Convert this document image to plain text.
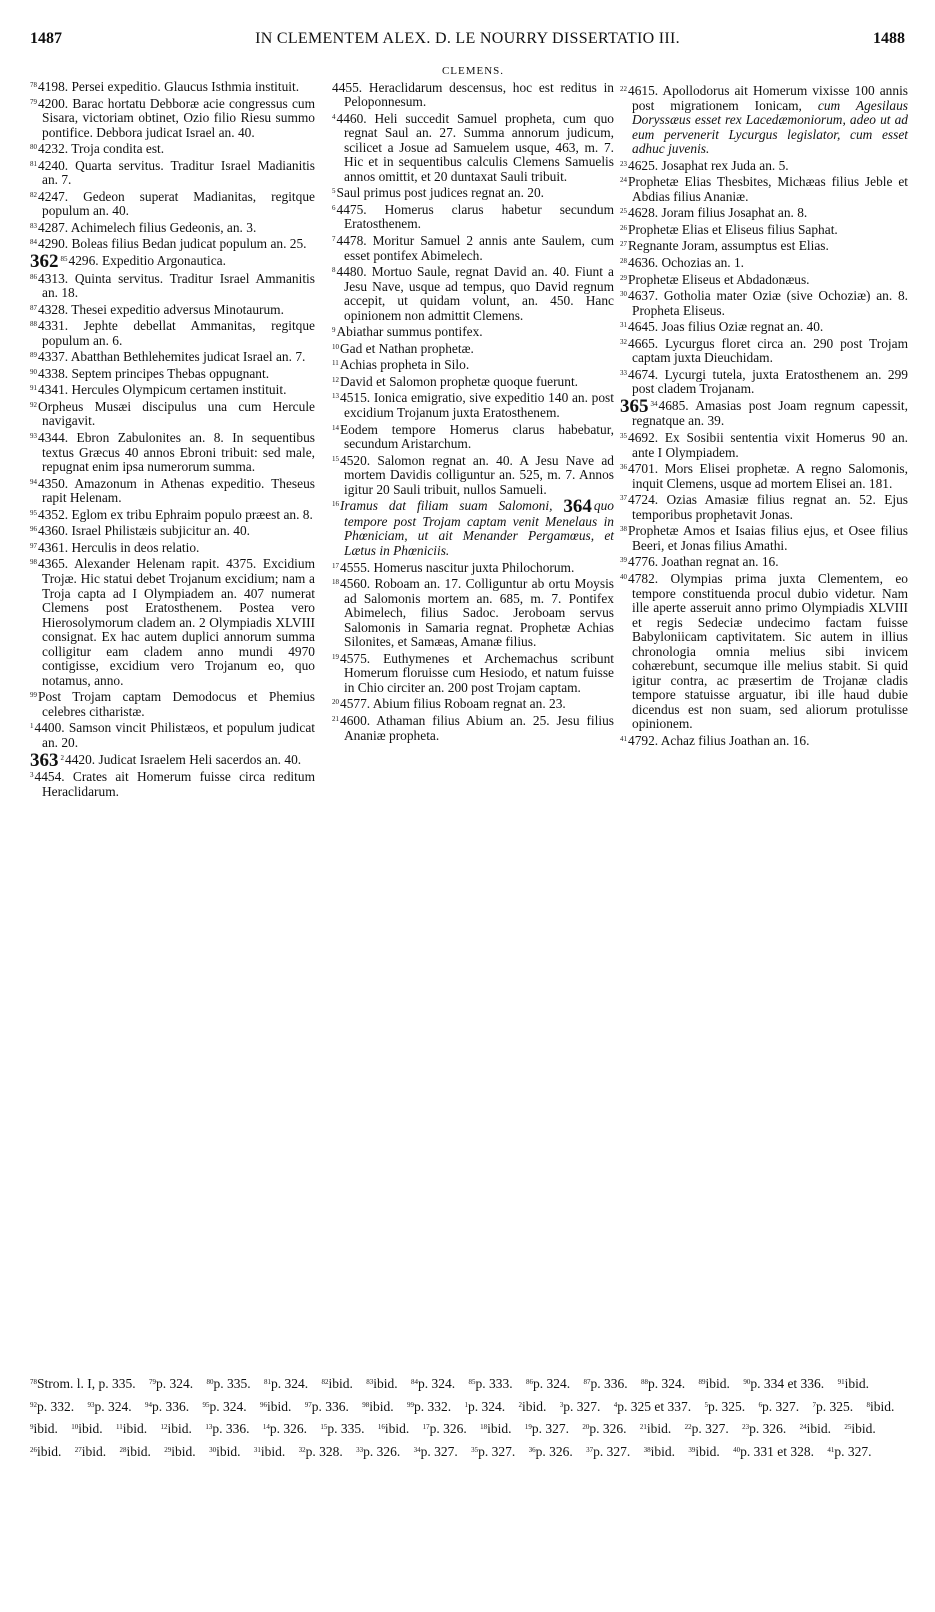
1487	IN CLEMENTEM ALEX. D. LE NOURRY DISSERTATIO III.	1488

$^{78}$4198. Persei expeditio. Glaucus Isthmia instituit.

$^{79}$4200. Barac hortatu Debboræ acie congressus cum Sisara, victoriam obtinet, Ozio filio Riesu summo pontifice. Debbora judicat Israel an. 40.

$^{80}$4232. Troja condita est.

$^{81}$4240. Quarta servitus. Traditur Israel Madianitis an. 7.

$^{82}$4247. Gedeon superat Madianitas, regitque populum an. 40.

$^{83}$4287. Achimelech filius Gedeonis, an. 3.

$^{84}$4290. Boleas filius Bedan judicat populum an. 25.

362 $^{85}$4296. Expeditio Argonautica.

$^{86}$4313. Quinta servitus. Traditur Israel Ammanitis an. 18.

$^{87}$4328. Thesei expeditio adversus Minotaurum.

$^{88}$4331. Jephte debellat Ammanitas, regitque populum an. 6.

$^{89}$4337. Abatthan Bethlehemites judicat Israel an. 7.

$^{90}$4338. Septem principes Thebas oppugnant.

$^{91}$4341. Hercules Olympicum certamen instituit.

$^{92}$Orpheus Musæi discipulus una cum Hercule navigavit.

$^{93}$4344. Ebron Zabulonites an. 8. In sequentibus textus Græcus 40 annos Ebroni tribuit: sed male, repugnat enim ipsa numerorum summa.

$^{94}$4350. Amazonum in Athenas expeditio. Theseus rapit Helenam.

$^{95}$4352. Eglom ex tribu Ephraim populo præest an. 8.

$^{96}$4360. Israel Philistæis subjicitur an. 40.

$^{97}$4361. Herculis in deos relatio.

$^{98}$4365. Alexander Helenam rapit. 4375. Excidium Trojæ. Hic statui debet Trojanum excidium; nam a Troja capta ad I Olympiadem an. 407 numerat Clemens post Eratosthenem. Postea vero Hierosolymorum cladem an. 2 Olympiadis XLVIII consignat. Ex hac autem duplici annorum summa colligitur eam cladem anno mundi 4970 contigisse, excidium vero Trojanum eo, quo notamus, anno.

$^{99}$Post Trojam captam Demodocus et Phemius celebres citharistæ.

$^1$4400. Samson vincit Philistæos, et populum judicat an. 20.

363 $^2$4420. Judicat Israelem Heli sacerdos an. 40.

$^3$4454. Crates ait Homerum fuisse circa reditum Heraclidarum.

CLEMENS.

4455. Heraclidarum descensus, hoc est reditus in Peloponnesum.

$^4$4460. Heli succedit Samuel propheta, cum quo regnat Saul an. 27. Summa annorum judicum, scilicet a Josue ad Samuelem usque, 463, m. 7. Hic et in sequentibus calculis Clemens Samuelis annos omittit, et 20 duntaxat Sauli tribuit.

$^5$Saul primus post judices regnat an. 20.

$^6$4475. Homerus clarus habetur secundum Eratosthenem.

$^7$4478. Moritur Samuel 2 annis ante Saulem, cum esset pontifex Abimelech.

$^8$4480. Mortuo Saule, regnat David an. 40. Fiunt a Jesu Nave, usque ad tempus, quo David regnum accepit, ut quidam volunt, an. 450. Hanc opinionem non admittit Clemens.

$^9$Abiathar summus pontifex.

$^{10}$Gad et Nathan prophetæ.

$^{11}$Achias propheta in Silo.

$^{12}$David et Salomon prophetæ quoque fuerunt.

$^{13}$4515. Ionica emigratio, sive expeditio 140 an. post excidium Trojanum juxta Eratosthenem.

$^{14}$Eodem tempore Homerus clarus habebatur, secundum Aristarchum.

$^{15}$4520. Salomon regnat an. 40. A Jesu Nave ad mortem Davidis colliguntur an. 525, m. 7. Annos igitur 20 Sauli tribuit, nullos Samueli.

$^{16}$Iramus dat filiam suam Salomoni, 364 quo tempore post Trojam captam venit Menelaus in Phœniciam, ut ait Menander Pergamœus, et Lætus in Phœniciis.

$^{17}$4555. Homerus nascitur juxta Philochorum.

$^{18}$4560. Roboam an. 17. Colliguntur ab ortu Moysis ad Salomonis mortem an. 685, m. 7. Pontifex Abimelech, filius Sadoc. Jeroboam servus Salomonis in Samaria regnat. Prophetæ Achias Silonites, et Samæas, Amanæ filius.

$^{19}$4575. Euthymenes et Archemachus scribunt Homerum floruisse cum Hesiodo, et natum fuisse in Chio circiter an. 200 post Trojam captam.

$^{20}$4577. Abium filius Roboam regnat an. 23.

$^{21}$4600. Athaman filius Abium an. 25. Jesu filius Ananiæ propheta.

$^{22}$4615. Apollodorus ait Homerum vixisse 100 annis post migrationem Ionicam, cum Agesilaus Doryssæus esset rex Lacedæmoniorum, adeo ut ad eum pervenerit Lycurgus legislator, cum esset adhuc juvenis.

$^{23}$4625. Josaphat rex Juda an. 5.

$^{24}$Prophetæ Elias Thesbites, Michæas filius Jeble et Abdias filius Ananiæ.

$^{25}$4628. Joram filius Josaphat an. 8.

$^{26}$Prophetæ Elias et Eliseus filius Saphat.

$^{27}$Regnante Joram, assumptus est Elias.

$^{28}$4636. Ochozias an. 1.

$^{29}$Prophetæ Eliseus et Abdadonæus.

$^{30}$4637. Gotholia mater Oziæ (sive Ochoziæ) an. 8. Propheta Eliseus.

$^{31}$4645. Joas filius Oziæ regnat an. 40.

$^{32}$4665. Lycurgus floret circa an. 290 post Trojam captam juxta Dieuchidam.

$^{33}$4674. Lycurgi tutela, juxta Eratosthenem an. 299 post cladem Trojanam.

365 $^{34}$4685. Amasias post Joam regnum capessit, regnatque an. 39.

$^{35}$4692. Ex Sosibii sententia vixit Homerus 90 an. ante I Olympiadem.

$^{36}$4701. Mors Elisei prophetæ. A regno Salomonis, inquit Clemens, usque ad mortem Elisei an. 181.

$^{37}$4724. Ozias Amasiæ filius regnat an. 52. Ejus temporibus prophetavit Jonas.

$^{38}$Prophetæ Amos et Isaias filius ejus, et Osee filius Beeri, et Jonas filius Amathi.

$^{39}$4776. Joathan regnat an. 16.

$^{40}$4782. Olympias prima juxta Clementem, eo tempore constituenda procul dubio videtur. Nam ille aperte asseruit anno primo Olympiadis XLVIII et regis Sedeciæ undecimo factam fuisse Babyloniicam captivitatem. Sic autem in illius chronologia omnia melius sibi invicem cohærebunt, secumque ille melius stabit. Si quid igitur contra, ac præsertim de Trojanæ cladis tempore statuisse arguatur, ibi ille haud dubie dicendus est non suam, sed aliorum protulisse opinionem.

$^{41}$4792. Achaz filius Joathan an. 16.

$^{78}$Strom. l. I, p. 335. $^{79}$p. 324. $^{80}$p. 335. $^{81}$p. 324. $^{82}$ibid. $^{83}$ibid. $^{84}$p. 324. $^{85}$p. 333. $^{86}$p. 324. $^{87}$p. 336. $^{88}$p. 324. $^{89}$ibid. $^{90}$p. 334 et 336. $^{91}$ibid. $^{92}$p. 332. $^{93}$p. 324. $^{94}$p. 336. $^{95}$p. 324. $^{96}$ibid. $^{97}$p. 336. $^{98}$ibid. $^{99}$p. 332. $^1$p. 324. $^2$ibid. $^3$p. 327. $^4$p. 325 et 337. $^5$p. 325. $^6$p. 327. $^7$p. 325. $^8$ibid. $^9$ibid. $^{10}$ibid. $^{11}$ibid. $^{12}$ibid. $^{13}$p. 336. $^{14}$p. 326. $^{15}$p. 335. $^{16}$ibid. $^{17}$p. 326. $^{18}$ibid. $^{19}$p. 327. $^{20}$p. 326. $^{21}$ibid. $^{22}$p. 327. $^{23}$p. 326. $^{24}$ibid. $^{25}$ibid. $^{26}$ibid. $^{27}$ibid. $^{28}$ibid. $^{29}$ibid. $^{30}$ibid. $^{31}$ibid. $^{32}$p. 328. $^{33}$p. 326. $^{34}$p. 327. $^{35}$p. 327. $^{36}$p. 326. $^{37}$p. 327. $^{38}$ibid. $^{39}$ibid. $^{40}$p. 331 et 328. $^{41}$p. 327.
